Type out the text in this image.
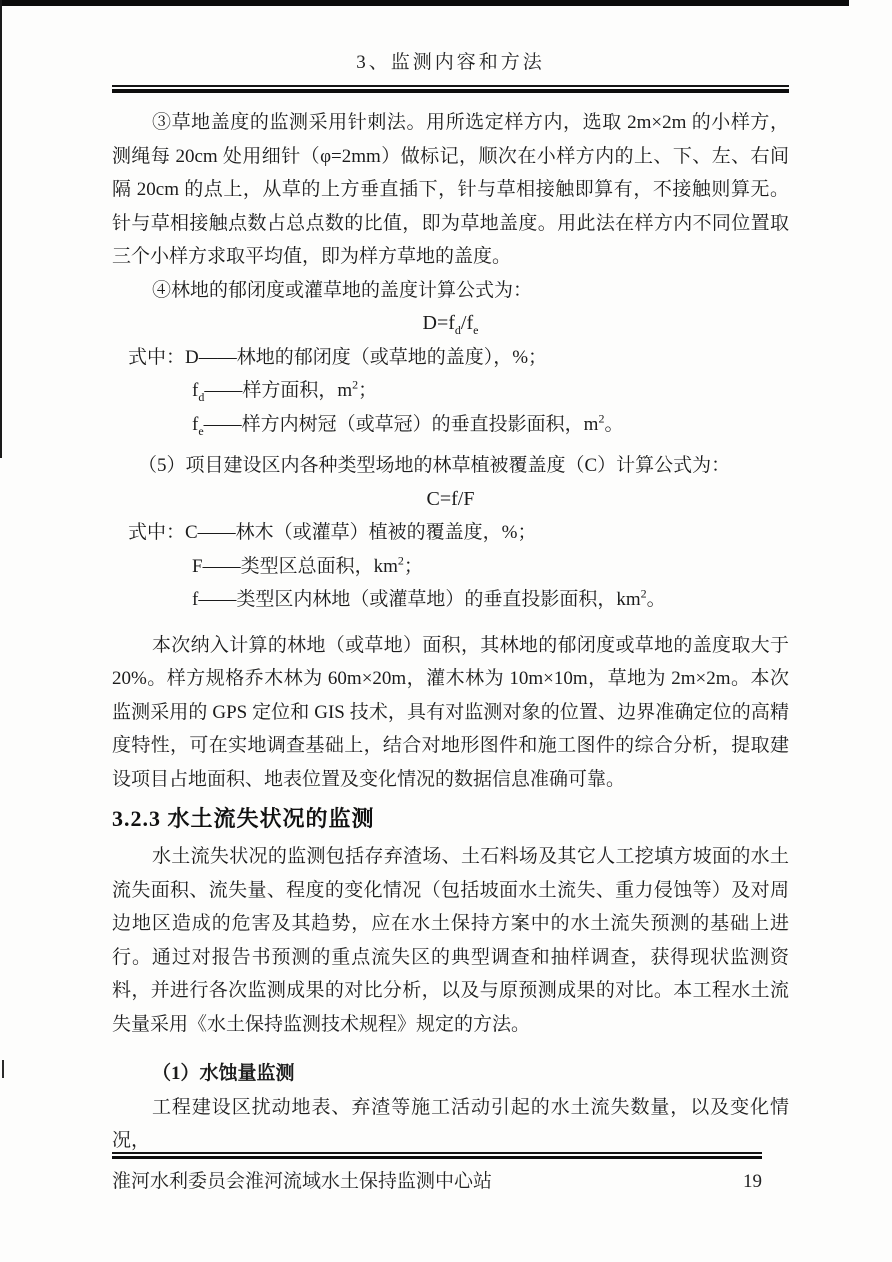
3、监测内容和方法
③草地盖度的监测采用针刺法。用所选定样方内，选取 2m×2m 的小样方，测绳每 20cm 处用细针（φ=2mm）做标记，顺次在小样方内的上、下、左、右间隔 20cm 的点上，从草的上方垂直插下，针与草相接触即算有，不接触则算无。针与草相接触点数占总点数的比值，即为草地盖度。用此法在样方内不同位置取三个小样方求取平均值，即为样方草地的盖度。
④林地的郁闭度或灌草地的盖度计算公式为：
$D=f_d/f_e$
式中：D——林地的郁闭度（或草地的盖度），%；
$f_d——$样方面积，$m^2$；
$f_e——$样方内树冠（或草冠）的垂直投影面积，$m^2$。
（5）项目建设区内各种类型场地的林草植被覆盖度（C）计算公式为：
C=f/F
式中：C——林木（或灌草）植被的覆盖度，%；
F——类型区总面积，$km^2$；
f——类型区内林地（或灌草地）的垂直投影面积，$km^2$。
本次纳入计算的林地（或草地）面积，其林地的郁闭度或草地的盖度取大于 20%。样方规格乔木林为 60m×20m，灌木林为 10m×10m，草地为 2m×2m。本次监测采用的 GPS 定位和 GIS 技术，具有对监测对象的位置、边界准确定位的高精度特性，可在实地调查基础上，结合对地形图件和施工图件的综合分析，提取建设项目占地面积、地表位置及变化情况的数据信息准确可靠。
3.2.3 水土流失状况的监测
水土流失状况的监测包括存弃渣场、土石料场及其它人工挖填方坡面的水土流失面积、流失量、程度的变化情况（包括坡面水土流失、重力侵蚀等）及对周边地区造成的危害及其趋势，应在水土保持方案中的水土流失预测的基础上进行。通过对报告书预测的重点流失区的典型调查和抽样调查，获得现状监测资料，并进行各次监测成果的对比分析，以及与原预测成果的对比。本工程水土流失量采用《水土保持监测技术规程》规定的方法。
（1）水蚀量监测
工程建设区扰动地表、弃渣等施工活动引起的水土流失数量，以及变化情况，
淮河水利委员会淮河流域水土保持监测中心站	19
